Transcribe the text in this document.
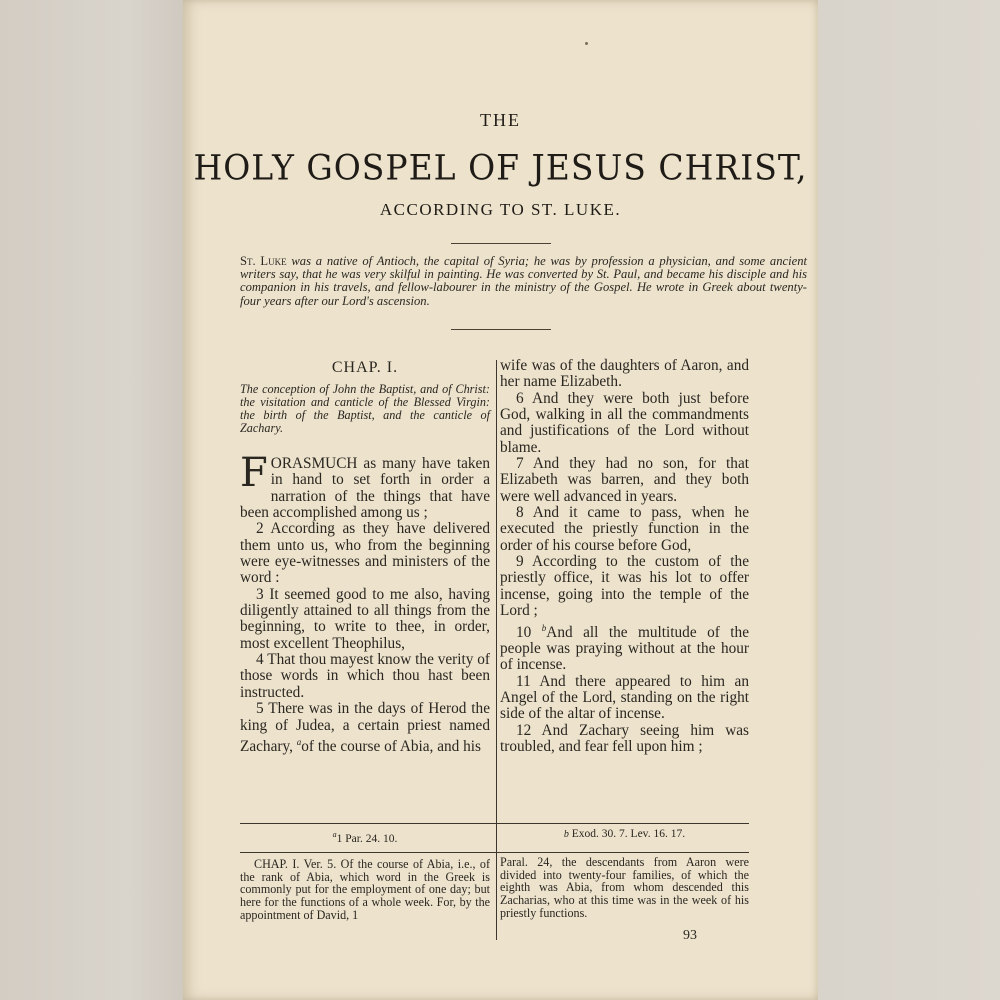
THE
HOLY GOSPEL OF JESUS CHRIST,
ACCORDING TO ST. LUKE.
St. Luke was a native of Antioch, the capital of Syria; he was by profession a physician, and some ancient writers say, that he was very skilful in painting. He was converted by St. Paul, and became his disciple and his companion in his travels, and fellow-labourer in the ministry of the Gospel. He wrote in Greek about twenty-four years after our Lord's ascension.
CHAP. I.
The conception of John the Baptist, and of Christ: the visitation and canticle of the Blessed Virgin: the birth of the Baptist, and the canticle of Zachary.

FORASMUCH as many have taken in hand to set forth in order a narration of the things that have been accomplished among us ;

2 According as they have delivered them unto us, who from the beginning were eye-witnesses and ministers of the word :

3 It seemed good to me also, having diligently attained to all things from the beginning, to write to thee, in order, most excellent Theophilus,

4 That thou mayest know the verity of those words in which thou hast been instructed.

5 There was in the days of Herod the king of Judea, a certain priest named Zachary, $^a$of the course of Abia, and his

wife was of the daughters of Aaron, and her name Elizabeth.

6 And they were both just before God, walking in all the commandments and justifications of the Lord without blame.

7 And they had no son, for that Elizabeth was barren, and they both were well advanced in years.

8 And it came to pass, when he executed the priestly function in the order of his course before God,

9 According to the custom of the priestly office, it was his lot to offer incense, going into the temple of the Lord ;

10 $^b$And all the multitude of the people was praying without at the hour of incense.

11 And there appeared to him an Angel of the Lord, standing on the right side of the altar of incense.

12 And Zachary seeing him was troubled, and fear fell upon him ;

$^a$1 Par. 24. 10.	b Exod. 30. 7. Lev. 16. 17.

CHAP. I. Ver. 5. Of the course of Abia, i.e., of the rank of Abia, which word in the Greek is commonly put for the employment of one day; but here for the functions of a whole week. For, by the appointment of David, 1

Paral. 24, the descendants from Aaron were divided into twenty-four families, of which the eighth was Abia, from whom descended this Zacharias, who at this time was in the week of his priestly functions.

93
